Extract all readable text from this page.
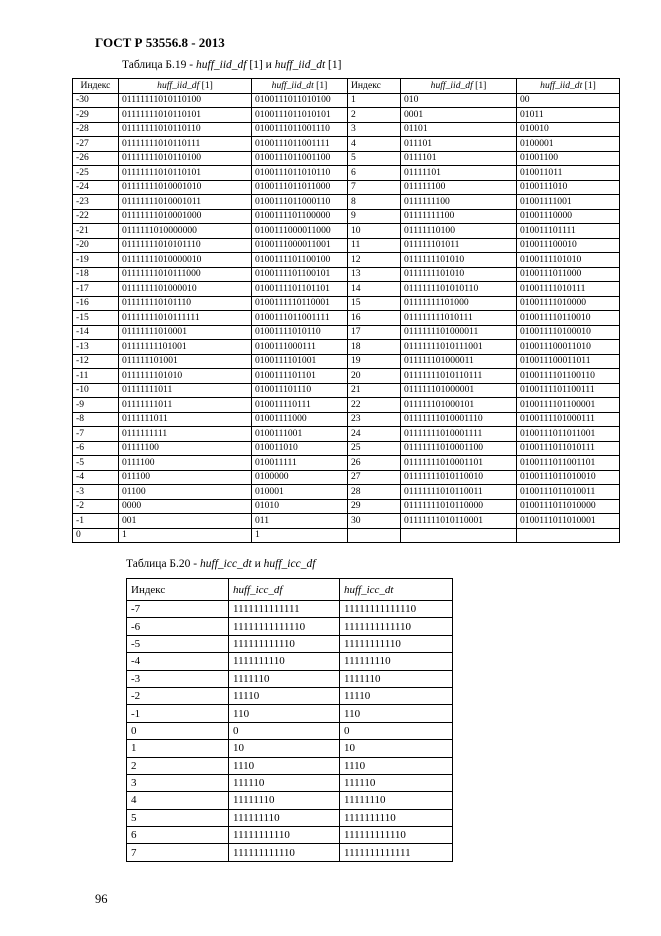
ГОСТ Р 53556.8 - 2013
Таблица Б.19 - huff_iid_df [1] и huff_iid_dt [1]
Индекс	huff_iid_df [1]	huff_iid_dt [1]	Индекс	huff_iid_df [1]	huff_iid_dt [1]
-30	01111111010110100	0100111011010100	1	010	00
-29	01111111010110101	0100111011010101	2	0001	01011
-28	01111111010110110	0100111011001110	3	01101	010010
-27	01111111010110111	0100111011001111	4	011101	0100001
-26	01111111010110100	0100111011001100	5	0111101	01001100
-25	01111111010110101	0100111011010110	6	01111101	010011011
-24	01111111010001010	0100111011011000	7	011111100	0100111010
-23	01111111010001011	0100111011000110	8	0111111100	01001111001
-22	01111111010001000	0100111101100000	9	01111111100	01001110000
-21	0111111010000000	0100111000011000	10	01111110100	010011101111
-20	01111111010101110	0100111000011001	11	011111101011	010011100010
-19	01111111010000010	0100111101100100	12	0111111101010	0100111101010
-18	01111111010111000	0100111101100101	13	0111111101010	0100111011000
-17	0111111101000010	0100111101101101	14	0111111101010110	01001111010111
-16	011111110101110	0100111110110001	15	01111111101000	01001111010000
-15	01111111010111111	0100111011001111	16	011111111010111	010011110110010
-14	01111111010001	01001111010110	17	0111111101000011	010011110100010
-13	01111111101001	0100111000111	18	01111111010111001	010011100011010
-12	011111101001	0100111101001	19	011111101000011	010011100011011
-11	0111111101010	0100111101101	20	01111111010110111	0100111101100110
-10	01111111011	010011101110	21	011111101000001	0100111101100111
-9	01111111011	010011110111	22	011111101000101	0100111101100001
-8	0111111011	01001111000	23	01111111010001110	0100111101000111
-7	0111111111	0100111001	24	01111111010001111	0100111011011001
-6	01111100	010011010	25	01111111010001100	0100111011010111
-5	0111100	010011111	26	01111111010001101	0100111011001101
-4	011100	0100000	27	01111111010110010	0100111011010010
-3	01100	010001	28	01111111010110011	0100111011010011
-2	0000	01010	29	01111111010110000	0100111011010000
-1	001	011	30	01111111010110001	0100111011010001
0	1	1			
Таблица Б.20 - huff_icc_dt и huff_icc_df
Индекс	huff_icc_df	huff_icc_dt
-7	1111111111111	11111111111110
-6	11111111111110	1111111111110
-5	111111111110	11111111110
-4	1111111110	111111110
-3	1111110	1111110
-2	11110	11110
-1	110	110
0	0	0
1	10	10
2	1110	1110
3	111110	111110
4	11111110	11111110
5	111111110	1111111110
6	11111111110	111111111110
7	111111111110	1111111111111
96
